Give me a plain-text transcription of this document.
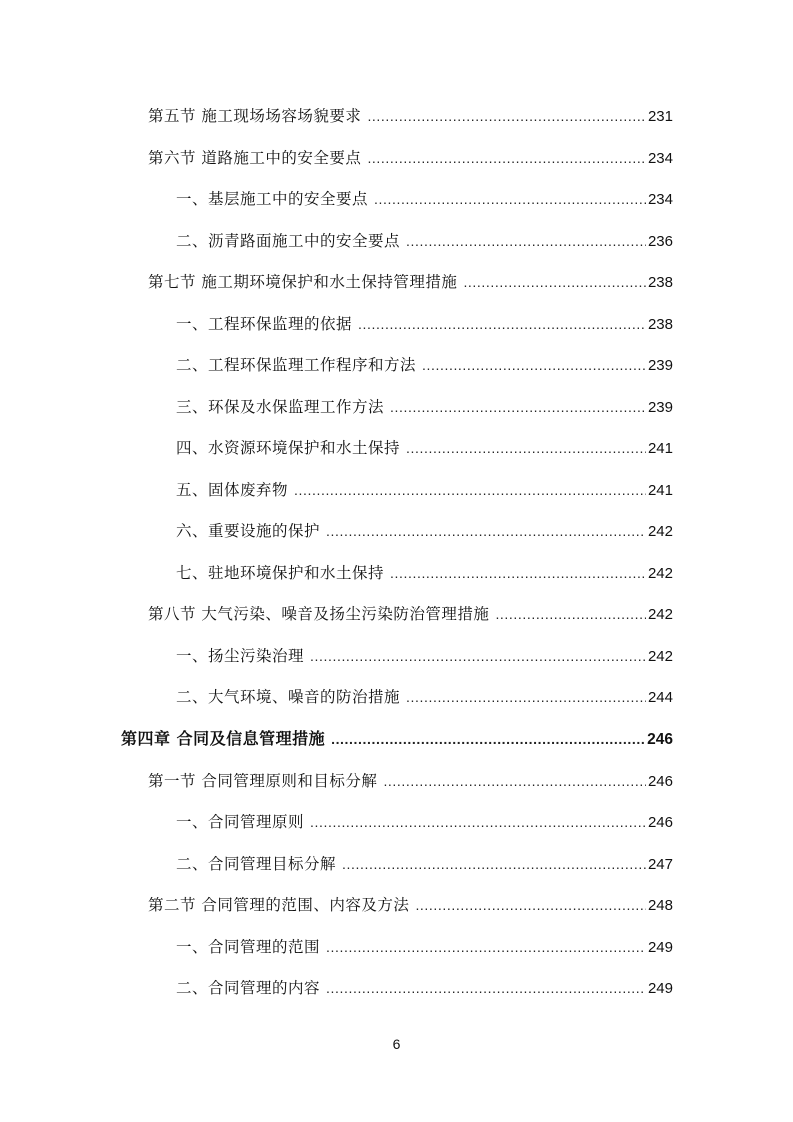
第五节 施工现场场容场貌要求 .....	231
第六节 道路施工中的安全要点 .....	234
一、基层施工中的安全要点 .....	234
二、沥青路面施工中的安全要点 .....	236
第七节 施工期环境保护和水土保持管理措施 .....	238
一、工程环保监理的依据 .....	238
二、工程环保监理工作程序和方法 .....	239
三、环保及水保监理工作方法 .....	239
四、水资源环境保护和水土保持 .....	241
五、固体废弃物 .....	241
六、重要设施的保护 .....	242
七、驻地环境保护和水土保持 .....	242
第八节 大气污染、噪音及扬尘污染防治管理措施 .....	242
一、扬尘污染治理 .....	242
二、大气环境、噪音的防治措施 .....	244
第四章 合同及信息管理措施 .....	246
第一节 合同管理原则和目标分解 .....	246
一、合同管理原则 .....	246
二、合同管理目标分解 .....	247
第二节 合同管理的范围、内容及方法 .....	248
一、合同管理的范围 .....	249
二、合同管理的内容 .....	249
6
